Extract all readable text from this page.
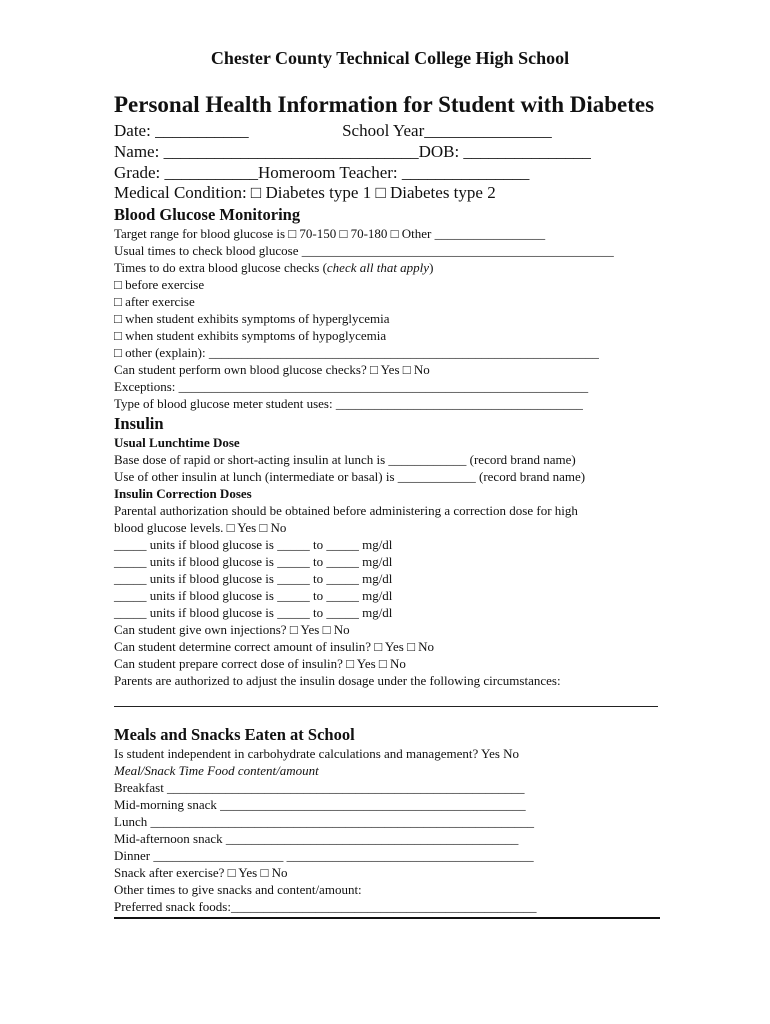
Chester County Technical College High School
Personal Health Information for Student with Diabetes
Date: ___________                      School Year_______________
Name: ______________________________DOB: _______________
Grade: ___________Homeroom Teacher: _______________
Medical Condition: □ Diabetes type 1 □ Diabetes type 2
Blood Glucose Monitoring
Target range for blood glucose is □ 70-150 □ 70-180 □ Other _________________
Usual times to check blood glucose ________________________________________________
Times to do extra blood glucose checks (check all that apply)
□ before exercise
□ after exercise
□ when student exhibits symptoms of hyperglycemia
□ when student exhibits symptoms of hypoglycemia
□ other (explain): ____________________________________________________________
Can student perform own blood glucose checks? □ Yes □ No
Exceptions: _______________________________________________________________
Type of blood glucose meter student uses: ______________________________________
Insulin
Usual Lunchtime Dose
Base dose of rapid or short-acting insulin at lunch is ____________ (record brand name)
Use of other insulin at lunch (intermediate or basal) is ____________ (record brand name)
Insulin Correction Doses
Parental authorization should be obtained before administering a correction dose for high
blood glucose levels. □ Yes □ No
_____ units if blood glucose is _____ to _____ mg/dl
_____ units if blood glucose is _____ to _____ mg/dl
_____ units if blood glucose is _____ to _____ mg/dl
_____ units if blood glucose is _____ to _____ mg/dl
_____ units if blood glucose is _____ to _____ mg/dl
Can student give own injections? □ Yes □ No
Can student determine correct amount of insulin? □ Yes □ No
Can student prepare correct dose of insulin? □ Yes □ No
Parents are authorized to adjust the insulin dosage under the following circumstances:
Meals and Snacks Eaten at School
Is student independent in carbohydrate calculations and management? Yes No
Meal/Snack Time Food content/amount
Breakfast _______________________________________________________
Mid-morning snack _______________________________________________
Lunch ___________________________________________________________
Mid-afternoon snack _____________________________________________
Dinner ____________________ ______________________________________
Snack after exercise? □ Yes □ No
Other times to give snacks and content/amount:
Preferred snack foods:_______________________________________________
